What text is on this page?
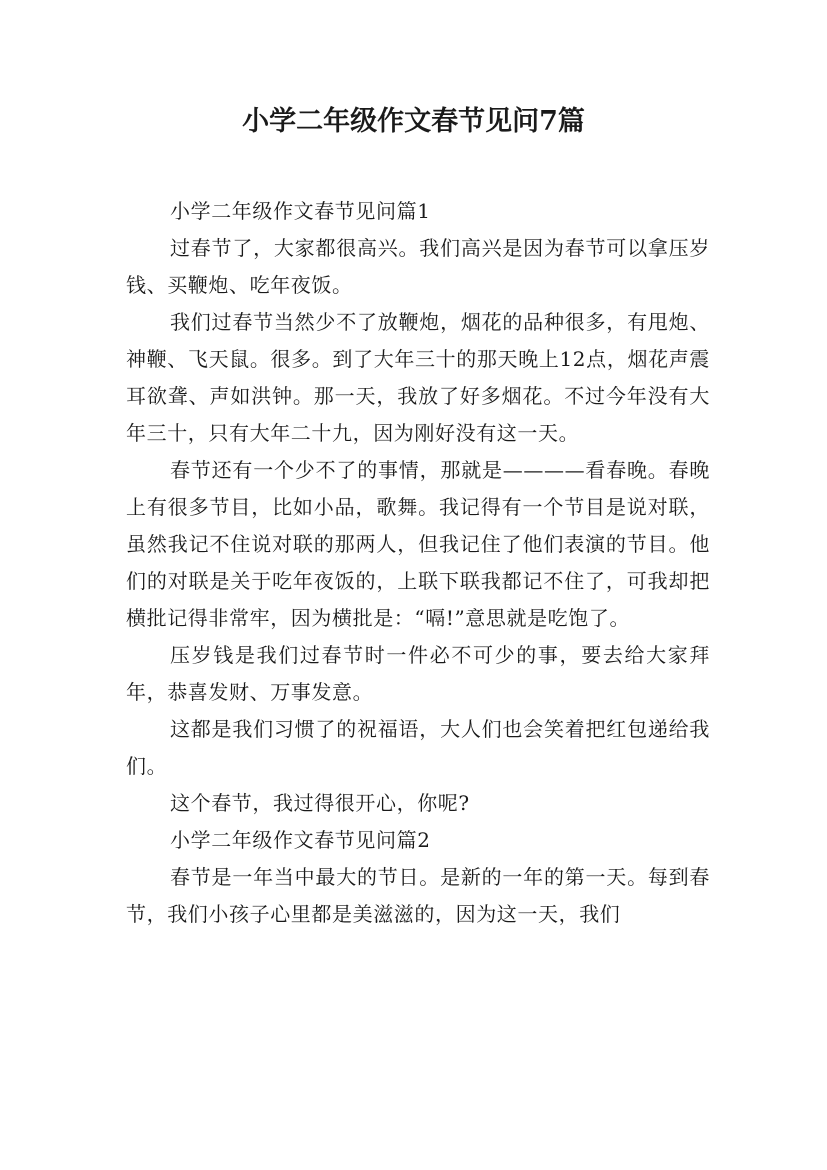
小学二年级作文春节见问7篇

小学二年级作文春节见问篇1

过春节了，大家都很高兴。我们高兴是因为春节可以拿压岁钱、买鞭炮、吃年夜饭。

我们过春节当然少不了放鞭炮，烟花的品种很多，有甩炮、神鞭、飞天鼠。很多。到了大年三十的那天晚上12点，烟花声震耳欲聋、声如洪钟。那一天，我放了好多烟花。不过今年没有大年三十，只有大年二十九，因为刚好没有这一天。

春节还有一个少不了的事情，那就是————看春晚。春晚上有很多节目，比如小品，歌舞。我记得有一个节目是说对联，虽然我记不住说对联的那两人，但我记住了他们表演的节目。他们的对联是关于吃年夜饭的，上联下联我都记不住了，可我却把横批记得非常牢，因为横批是：“嗝!”意思就是吃饱了。

压岁钱是我们过春节时一件必不可少的事，要去给大家拜年，恭喜发财、万事发意。

这都是我们习惯了的祝福语，大人们也会笑着把红包递给我们。

这个春节，我过得很开心，你呢?

小学二年级作文春节见问篇2

春节是一年当中最大的节日。是新的一年的第一天。每到春节，我们小孩子心里都是美滋滋的，因为这一天，我们
